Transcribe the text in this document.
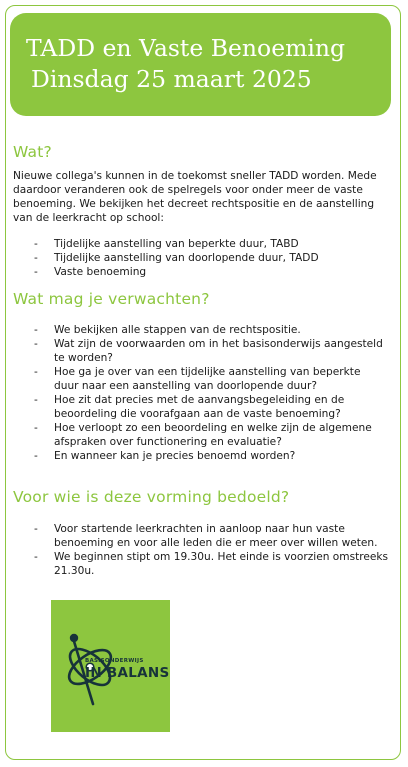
TADD en Vaste Benoeming
Dinsdag 25 maart 2025
Wat?

Nieuwe collega's kunnen in de toekomst sneller TADD worden. Mede daardoor veranderen ook de spelregels voor onder meer de vaste benoeming. We bekijken het decreet rechtspositie en de aanstelling van de leerkracht op school:

- Tijdelijke aanstelling van beperkte duur, TABD
- Tijdelijke aanstelling van doorlopende duur, TADD
- Vaste benoeming
Wat mag je verwachten?
- We bekijken alle stappen van de rechtspositie.
- Wat zijn de voorwaarden om in het basisonderwijs aangesteld te worden?
- Hoe ga je over van een tijdelijke aanstelling van beperkte duur naar een aanstelling van doorlopende duur?
- Hoe zit dat precies met de aanvangsbegeleiding en de beoordeling die voorafgaan aan de vaste benoeming?
- Hoe verloopt zo een beoordeling en welke zijn de algemene afspraken over functionering en evaluatie?
- En wanneer kan je precies benoemd worden?
Voor wie is deze vorming bedoeld?
- Voor startende leerkrachten in aanloop naar hun vaste benoeming en voor alle leden die er meer over willen weten.
- We beginnen stipt om 19.30u. Het einde is voorzien omstreeks 21.30u.
BASISONDERWIJS
IN BALANS
